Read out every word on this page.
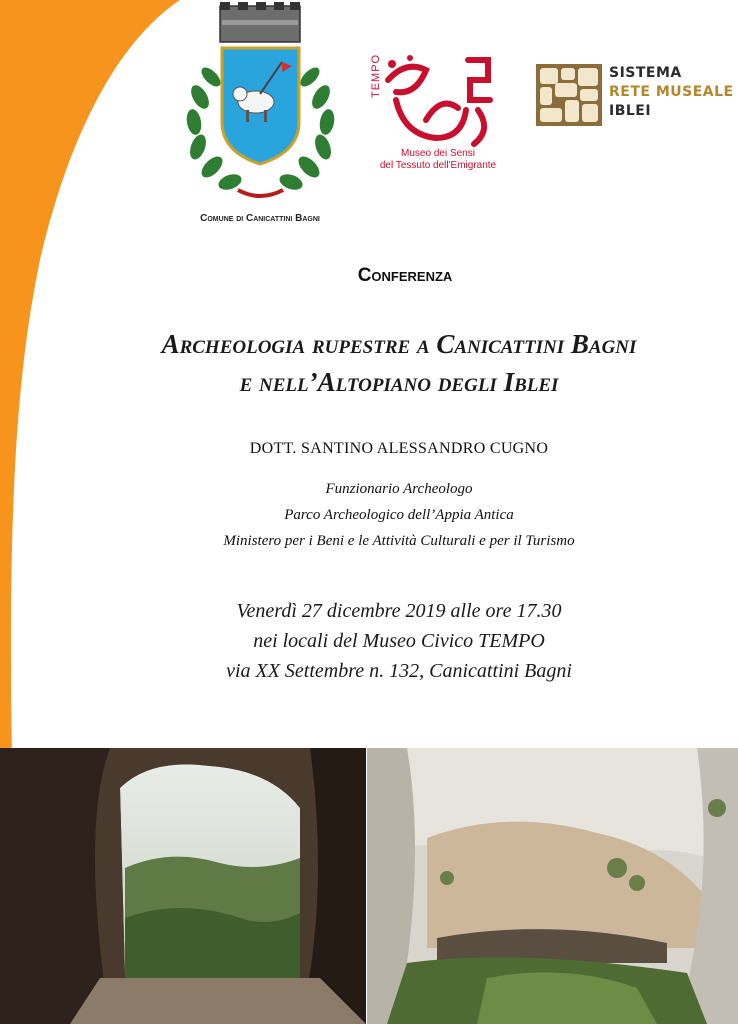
Comune di Canicattini Bagni
TEMPO
Museo dei Sensi
del Tessuto dell'Emigrante
SISTEMA
RETE MUSEALE
IBLEI
Conferenza
Archeologia rupestre a Canicattini Bagni
e nell’Altopiano degli Iblei
DOTT. SANTINO ALESSANDRO CUGNO
Funzionario Archeologo
Parco Archeologico dell’Appia Antica
Ministero per i Beni e le Attività Culturali e per il Turismo
Venerdì 27 dicembre 2019 alle ore 17.30
nei locali del Museo Civico TEMPO
via XX Settembre n. 132, Canicattini Bagni
